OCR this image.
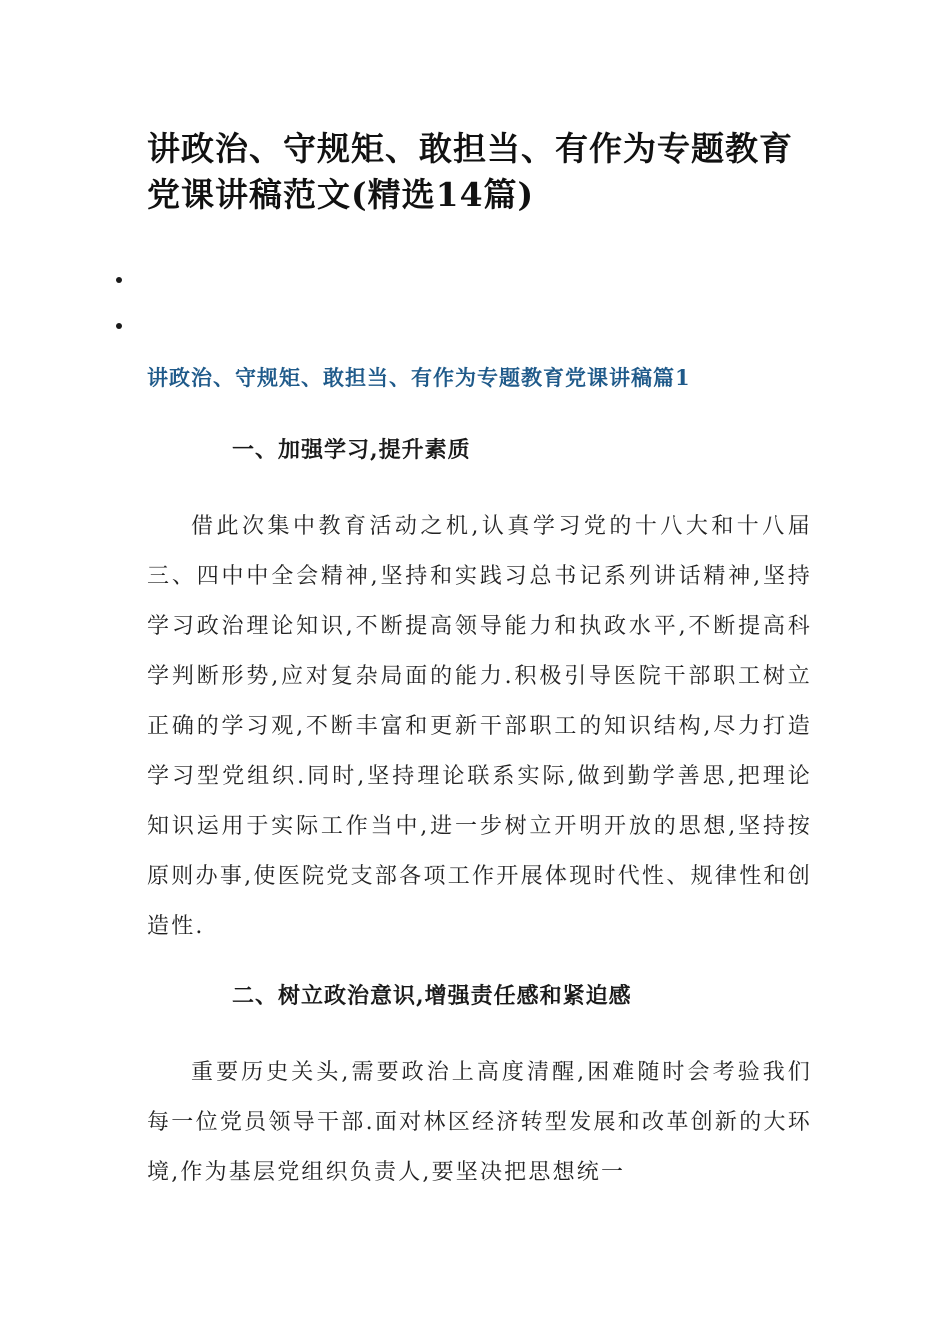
讲政治、守规矩、敢担当、有作为专题教育党课讲稿范文(精选14篇)
讲政治、守规矩、敢担当、有作为专题教育党课讲稿篇1
一、加强学习,提升素质

借此次集中教育活动之机,认真学习党的十八大和十八届三、四中中全会精神,坚持和实践习总书记系列讲话精神,坚持学习政治理论知识,不断提高领导能力和执政水平,不断提高科学判断形势,应对复杂局面的能力.积极引导医院干部职工树立正确的学习观,不断丰富和更新干部职工的知识结构,尽力打造学习型党组织.同时,坚持理论联系实际,做到勤学善思,把理论知识运用于实际工作当中,进一步树立开明开放的思想,坚持按原则办事,使医院党支部各项工作开展体现时代性、规律性和创造性.

二、树立政治意识,增强责任感和紧迫感

重要历史关头,需要政治上高度清醒,困难随时会考验我们每一位党员领导干部.面对林区经济转型发展和改革创新的大环境,作为基层党组织负责人,要坚决把思想统一
